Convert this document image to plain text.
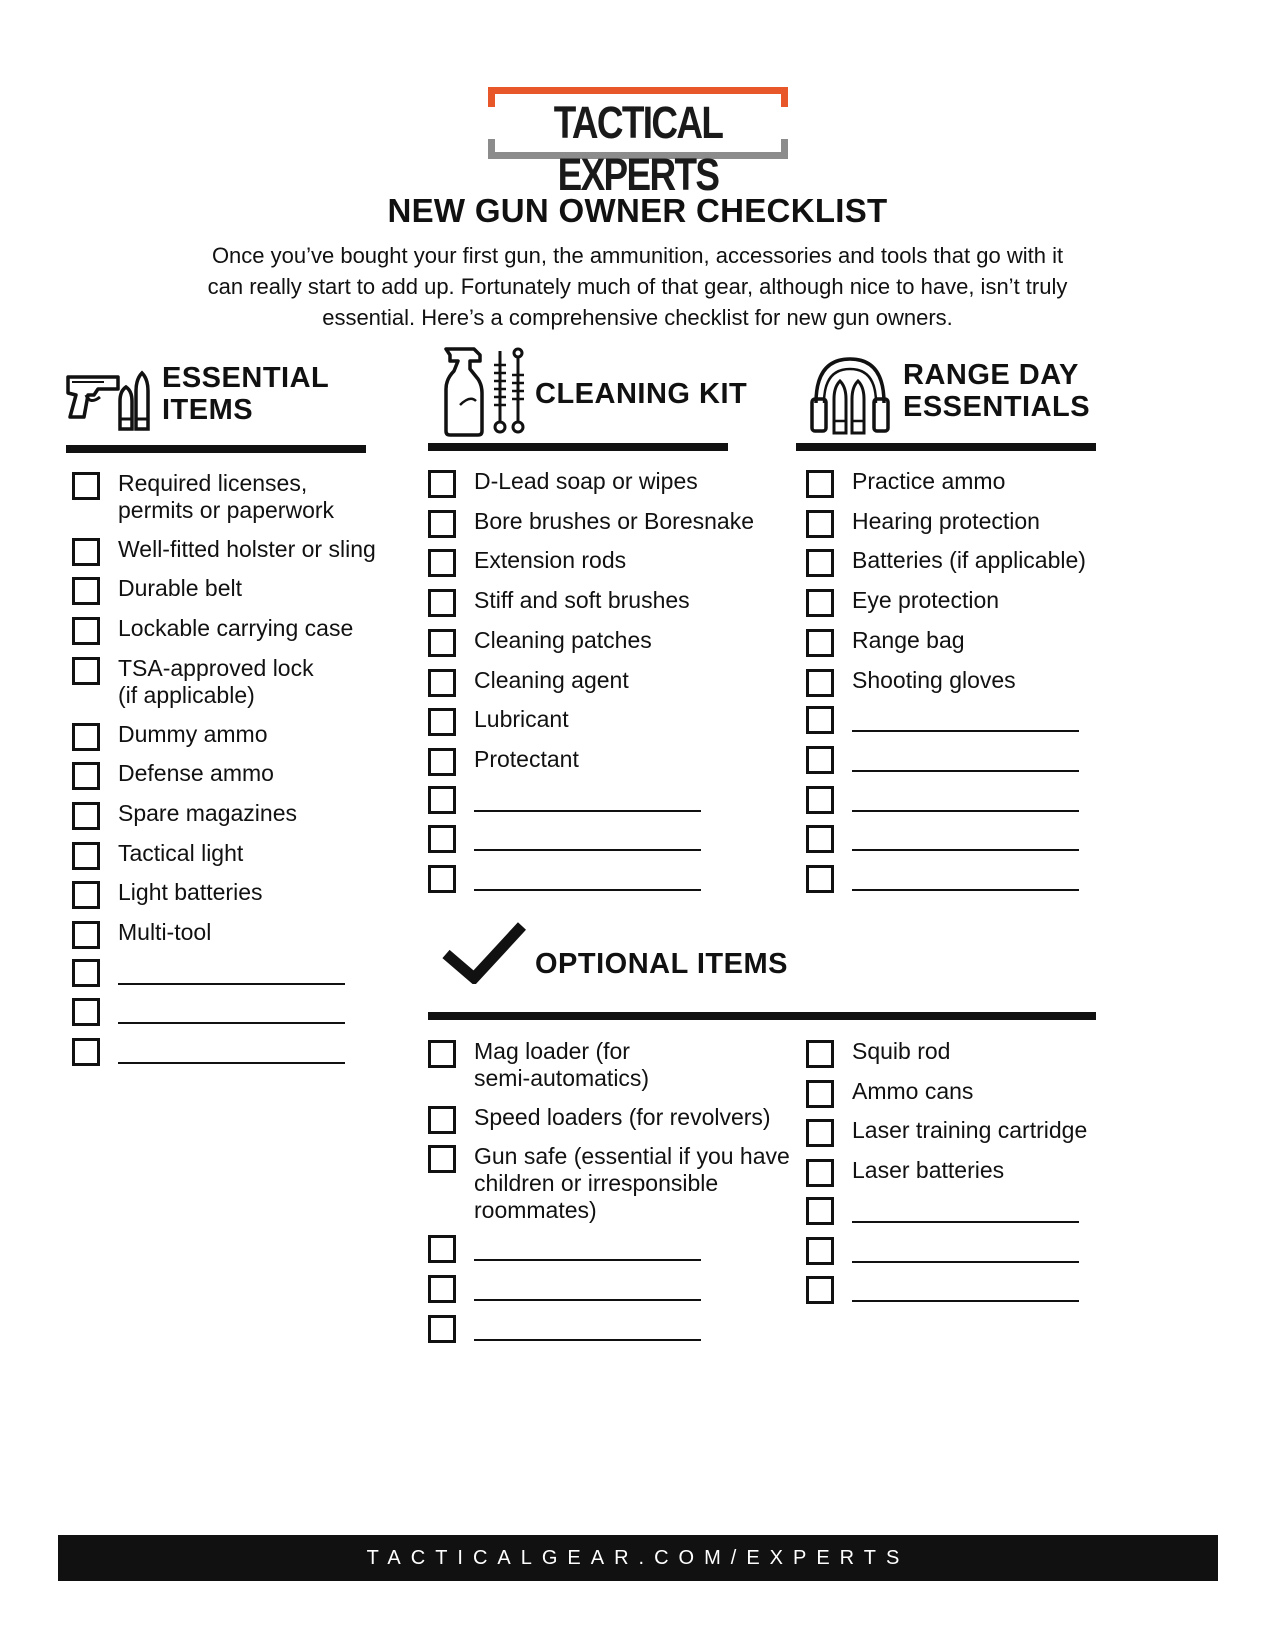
TACTICAL EXPERTS
NEW GUN OWNER CHECKLIST
Once you’ve bought your first gun, the ammunition, accessories and tools that go with it
can really start to add up. Fortunately much of that gear, although nice to have, isn’t truly
essential. Here’s a comprehensive checklist for new gun owners.
ESSENTIAL
ITEMS	CLEANING KIT
RANGE DAY
ESSENTIALS
OPTIONAL ITEMS
Required licenses,
permits or paperwork
Well-fitted holster or sling
Durable belt
Lockable carrying case
TSA-approved lock
(if applicable)
Dummy ammo
Defense ammo
Spare magazines
Tactical light
Light batteries
Multi-tool
D-Lead soap or wipes
Bore brushes or Boresnake
Extension rods
Stiff and soft brushes
Cleaning patches
Cleaning agent
Lubricant
Protectant
Practice ammo
Hearing protection
Batteries (if applicable)
Eye protection
Range bag
Shooting gloves
Mag loader (for
semi-automatics)
Speed loaders (for revolvers)
Gun safe (essential if you have
children or irresponsible
roommates)
Squib rod
Ammo cans
Laser training cartridge
Laser batteries
TACTICALGEAR.COM/EXPERTS
